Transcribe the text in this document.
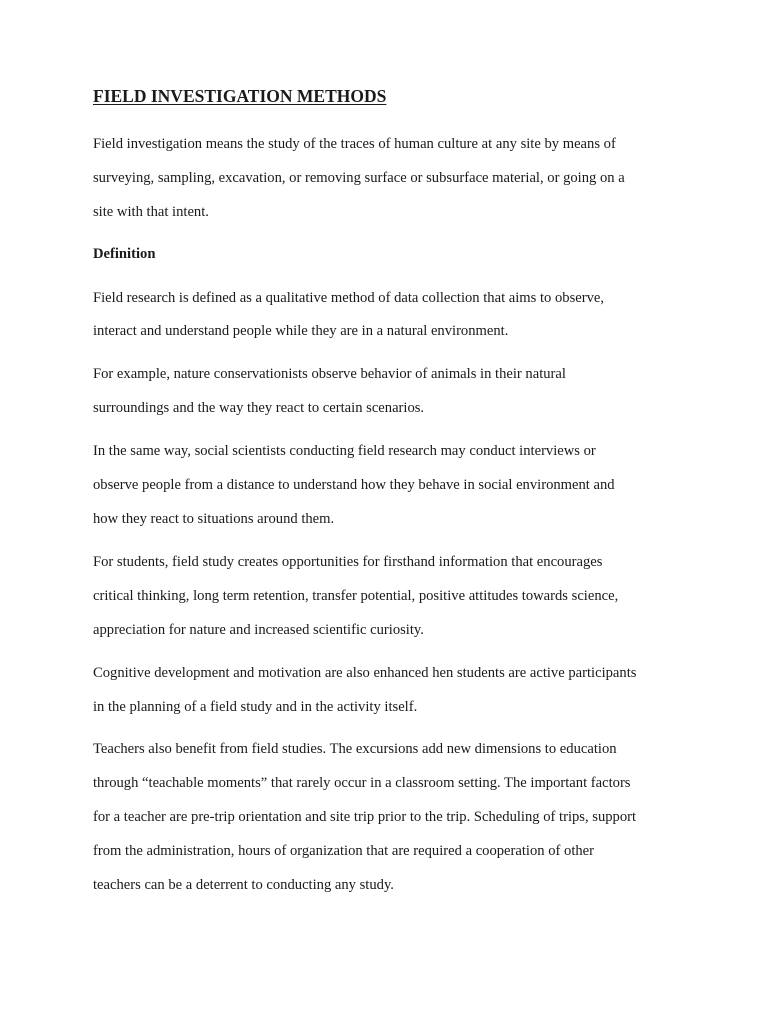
FIELD INVESTIGATION METHODS

Field investigation means the study of the traces of human culture at any site by means of

surveying, sampling, excavation, or removing surface or subsurface material, or going on a

site with that intent.

Definition

Field research is defined as a qualitative method of data collection that aims to observe,

interact and understand people while they are in a natural environment.

For example, nature conservationists observe behavior of animals in their natural

surroundings and the way they react to certain scenarios.

In the same way, social scientists conducting field research may conduct interviews or

observe people from a distance to understand how they behave in social environment and

how they react to situations around them.

For students, field study creates opportunities for firsthand information that encourages

critical thinking, long term retention, transfer potential, positive attitudes towards science,

appreciation for nature and increased scientific curiosity.

Cognitive development and motivation are also enhanced hen students are active participants

in the planning of a field study and in the activity itself.

Teachers also benefit from field studies. The excursions add new dimensions to education

through “teachable moments” that rarely occur in a classroom setting. The important factors

for a teacher are pre-trip orientation and site trip prior to the trip. Scheduling of trips, support

from the administration, hours of organization that are required a cooperation of other

teachers can be a deterrent to conducting any study.
